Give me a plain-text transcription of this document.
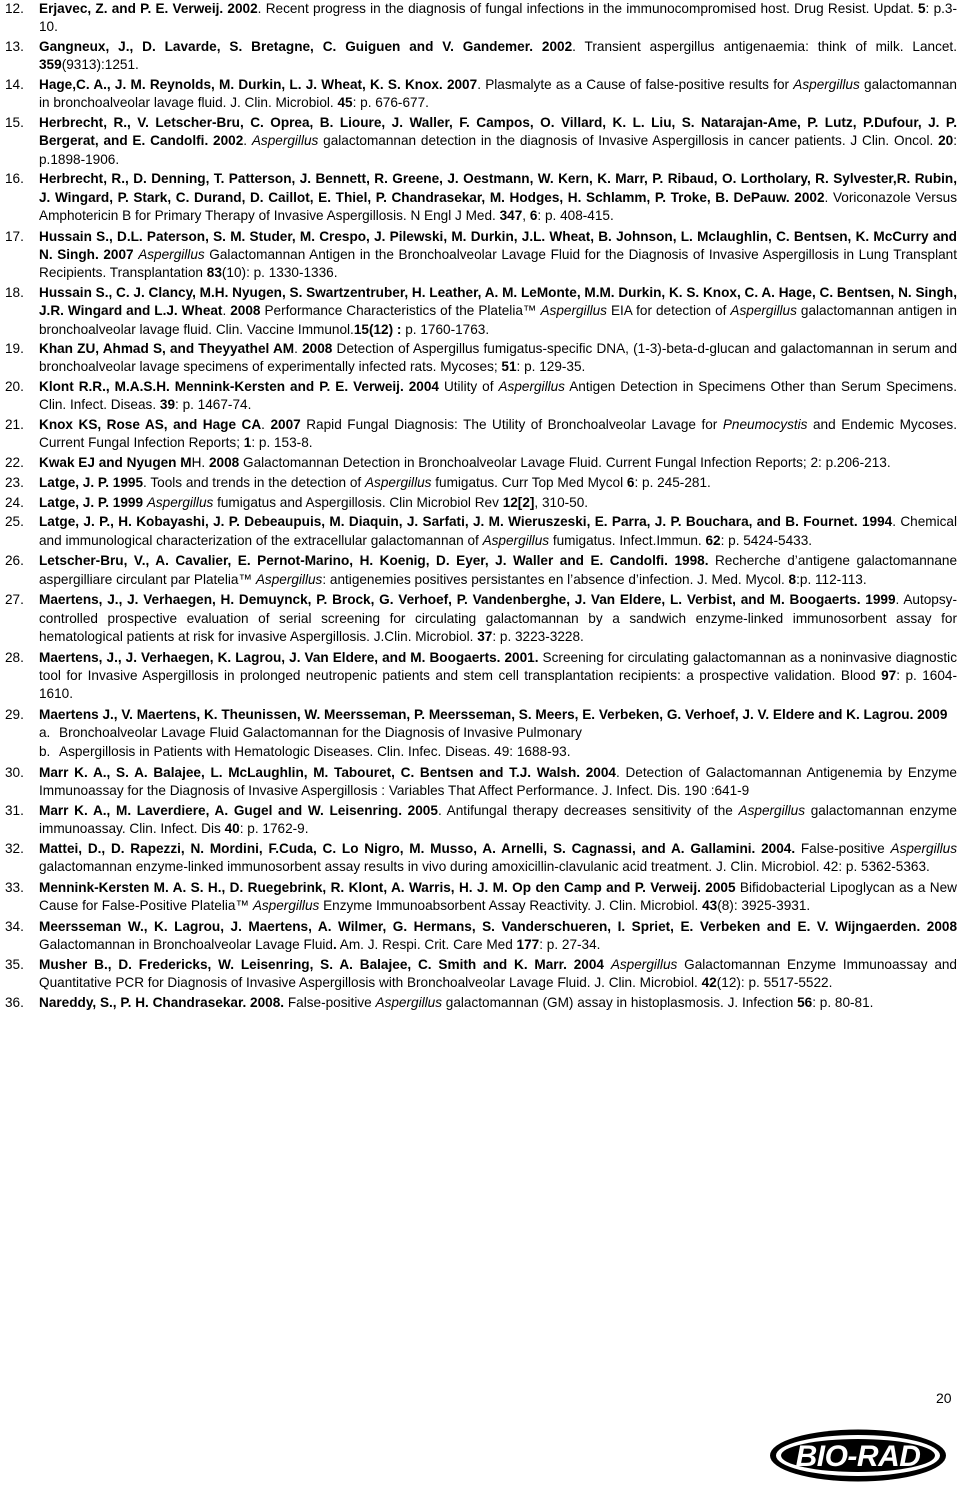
12. Erjavec, Z. and P. E. Verweij. 2002. Recent progress in the diagnosis of fungal infections in the immunocompromised host. Drug Resist. Updat. 5: p.3-10.
13. Gangneux, J., D. Lavarde, S. Bretagne, C. Guiguen and V. Gandemer. 2002. Transient aspergillus antigenaemia: think of milk. Lancet. 359(9313):1251.
14. Hage,C. A., J. M. Reynolds, M. Durkin, L. J. Wheat, K. S. Knox. 2007. Plasmalyte as a Cause of false-positive results for Aspergillus galactomannan in bronchoalveolar lavage fluid. J. Clin. Microbiol. 45: p. 676-677.
15. Herbrecht, R., V. Letscher-Bru, C. Oprea, B. Lioure, J. Waller, F. Campos, O. Villard, K. L. Liu, S. Natarajan-Ame, P. Lutz, P.Dufour, J. P. Bergerat, and E. Candolfi. 2002. Aspergillus galactomannan detection in the diagnosis of Invasive Aspergillosis in cancer patients. J Clin. Oncol. 20: p.1898-1906.
16. Herbrecht, R., D. Denning, T. Patterson, J. Bennett, R. Greene, J. Oestmann, W. Kern, K. Marr, P. Ribaud, O. Lortholary, R. Sylvester,R. Rubin, J. Wingard, P. Stark, C. Durand, D. Caillot, E. Thiel, P. Chandrasekar, M. Hodges, H. Schlamm, P. Troke, B. DePauw. 2002. Voriconazole Versus Amphotericin B for Primary Therapy of Invasive Aspergillosis. N Engl J Med. 347, 6: p. 408-415.
17. Hussain S., D.L. Paterson, S. M. Studer, M. Crespo, J. Pilewski, M. Durkin, J.L. Wheat, B. Johnson, L. Mclaughlin, C. Bentsen, K. McCurry and N. Singh. 2007 Aspergillus Galactomannan Antigen in the Bronchoalveolar Lavage Fluid for the Diagnosis of Invasive Aspergillosis in Lung Transplant Recipients. Transplantation 83(10): p. 1330-1336.
18. Hussain S., C. J. Clancy, M.H. Nyugen, S. Swartzentruber, H. Leather, A. M. LeMonte, M.M. Durkin, K. S. Knox, C. A. Hage, C. Bentsen, N. Singh, J.R. Wingard and L.J. Wheat. 2008 Performance Characteristics of the Platelia™ Aspergillus EIA for detection of Aspergillus galactomannan antigen in bronchoalveolar lavage fluid. Clin. Vaccine Immunol.15(12) : p. 1760-1763.
19. Khan ZU, Ahmad S, and Theyyathel AM. 2008 Detection of Aspergillus fumigatus-specific DNA, (1-3)-beta-d-glucan and galactomannan in serum and bronchoalveolar lavage specimens of experimentally infected rats. Mycoses; 51: p. 129-35.
20. Klont R.R., M.A.S.H. Mennink-Kersten and P. E. Verweij. 2004 Utility of Aspergillus Antigen Detection in Specimens Other than Serum Specimens. Clin. Infect. Diseas. 39: p. 1467-74.
21. Knox KS, Rose AS, and Hage CA. 2007 Rapid Fungal Diagnosis: The Utility of Bronchoalveolar Lavage for Pneumocystis and Endemic Mycoses. Current Fungal Infection Reports; 1: p. 153-8.
22. Kwak EJ and Nyugen MH. 2008 Galactomannan Detection in Bronchoalveolar Lavage Fluid. Current Fungal Infection Reports; 2: p.206-213.
23. Latge, J. P. 1995. Tools and trends in the detection of Aspergillus fumigatus. Curr Top Med Mycol 6: p. 245-281.
24. Latge, J. P. 1999 Aspergillus fumigatus and Aspergillosis. Clin Microbiol Rev 12[2], 310-50.
25. Latge, J. P., H. Kobayashi, J. P. Debeaupuis, M. Diaquin, J. Sarfati, J. M. Wieruszeski, E. Parra, J. P. Bouchara, and B. Fournet. 1994. Chemical and immunological characterization of the extracellular galactomannan of Aspergillus fumigatus. Infect.Immun. 62: p. 5424-5433.
26. Letscher-Bru, V., A. Cavalier, E. Pernot-Marino, H. Koenig, D. Eyer, J. Waller and E. Candolfi. 1998. Recherche d’antigene galactomannane aspergilliare circulant par Platelia™ Aspergillus: antigenemies positives persistantes en l’absence d’infection. J. Med. Mycol. 8:p. 112-113.
27. Maertens, J., J. Verhaegen, H. Demuynck, P. Brock, G. Verhoef, P. Vandenberghe, J. Van Eldere, L. Verbist, and M. Boogaerts. 1999. Autopsy-controlled prospective evaluation of serial screening for circulating galactomannan by a sandwich enzyme-linked immunosorbent assay for hematological patients at risk for invasive Aspergillosis. J.Clin. Microbiol. 37: p. 3223-3228.
28. Maertens, J., J. Verhaegen, K. Lagrou, J. Van Eldere, and M. Boogaerts. 2001. Screening for circulating galactomannan as a noninvasive diagnostic tool for Invasive Aspergillosis in prolonged neutropenic patients and stem cell transplantation recipients: a prospective validation. Blood 97: p. 1604-1610.
29. Maertens J., V. Maertens, K. Theunissen, W. Meersseman, P. Meersseman, S. Meers, E. Verbeken, G. Verhoef, J. V. Eldere and K. Lagrou. 2009
a. Bronchoalveolar Lavage Fluid Galactomannan for the Diagnosis of Invasive Pulmonary
b. Aspergillosis in Patients with Hematologic Diseases. Clin. Infec. Diseas. 49: 1688-93.
30. Marr K. A., S. A. Balajee, L. McLaughlin, M. Tabouret, C. Bentsen and T.J. Walsh. 2004. Detection of Galactomannan Antigenemia by Enzyme Immunoassay for the Diagnosis of Invasive Aspergillosis : Variables That Affect Performance. J. Infect. Dis. 190 :641-9
31. Marr K. A., M. Laverdiere, A. Gugel and W. Leisenring. 2005. Antifungal therapy decreases sensitivity of the Aspergillus galactomannan enzyme immunoassay. Clin. Infect. Dis 40: p. 1762-9.
32. Mattei, D., D. Rapezzi, N. Mordini, F.Cuda, C. Lo Nigro, M. Musso, A. Arnelli, S. Cagnassi, and A. Gallamini. 2004. False-positive Aspergillus galactomannan enzyme-linked immunosorbent assay results in vivo during amoxicillin-clavulanic acid treatment. J. Clin. Microbiol. 42: p. 5362-5363.
33. Mennink-Kersten M. A. S. H., D. Ruegebrink, R. Klont, A. Warris, H. J. M. Op den Camp and P. Verweij. 2005 Bifidobacterial Lipoglycan as a New Cause for False-Positive Platelia™ Aspergillus Enzyme Immunoabsorbent Assay Reactivity. J. Clin. Microbiol. 43(8): 3925-3931.
34. Meersseman W., K. Lagrou, J. Maertens, A. Wilmer, G. Hermans, S. Vanderschueren, I. Spriet, E. Verbeken and E. V. Wijngaerden. 2008 Galactomannan in Bronchoalveolar Lavage Fluid. Am. J. Respi. Crit. Care Med 177: p. 27-34.
35. Musher B., D. Fredericks, W. Leisenring, S. A. Balajee, C. Smith and K. Marr. 2004 Aspergillus Galactomannan Enzyme Immunoassay and Quantitative PCR for Diagnosis of Invasive Aspergillosis with Bronchoalveolar Lavage Fluid. J. Clin. Microbiol. 42(12): p. 5517-5522.
36. Nareddy, S., P. H. Chandrasekar. 2008. False-positive Aspergillus galactomannan (GM) assay in histoplasmosis. J. Infection 56: p. 80-81.
20
BIO-RAD
